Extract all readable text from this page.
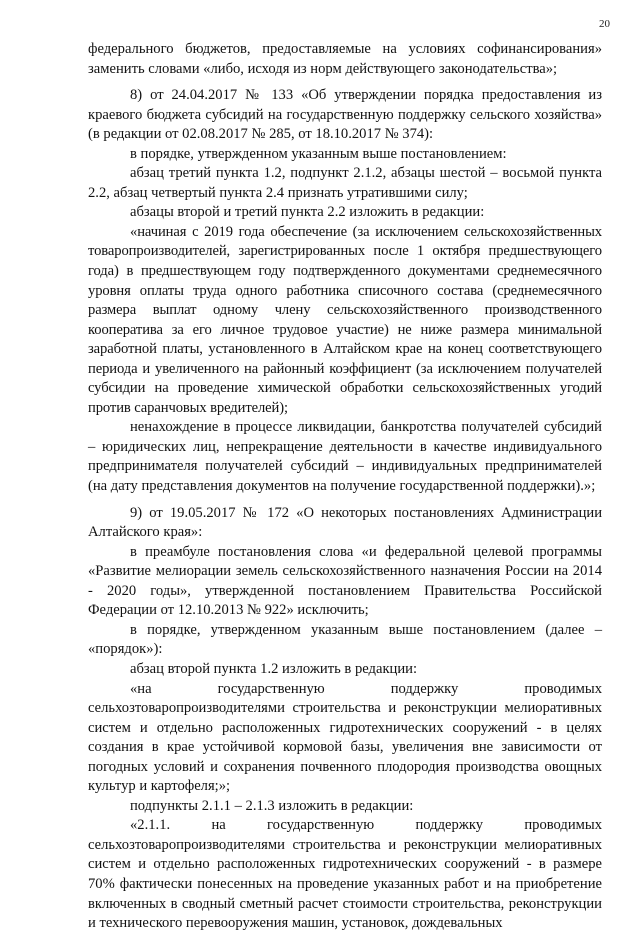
20

федерального бюджетов, предоставляемые на условиях софинансирования» заменить словами «либо, исходя из норм действующего законодательства»;

8) от 24.04.2017 № 133 «Об утверждении порядка предоставления из краевого бюджета субсидий на государственную поддержку сельского хозяйства» (в редакции от 02.08.2017 № 285, от 18.10.2017 № 374):

в порядке, утвержденном указанным выше постановлением:

абзац третий пункта 1.2, подпункт 2.1.2, абзацы шестой – восьмой пункта 2.2, абзац четвертый пункта 2.4 признать утратившими силу;

абзацы второй и третий пункта 2.2 изложить в редакции:

«начиная с 2019 года обеспечение (за исключением сельскохозяйственных товаропроизводителей, зарегистрированных после 1 октября предшествующего года) в предшествующем году подтвержденного документами среднемесячного уровня оплаты труда одного работника списочного состава (среднемесячного размера выплат одному члену сельскохозяйственного производственного кооператива за его личное трудовое участие) не ниже размера минимальной заработной платы, установленного в Алтайском крае на конец соответствующего периода и увеличенного на районный коэффициент (за исключением получателей субсидии на проведение химической обработки сельскохозяйственных угодий против саранчовых вредителей);

ненахождение в процессе ликвидации, банкротства получателей субсидий – юридических лиц, непрекращение деятельности в качестве индивидуального предпринимателя получателей субсидий – индивидуальных предпринимателей (на дату представления документов на получение государственной поддержки).»;

9) от 19.05.2017 № 172 «О некоторых постановлениях Администрации Алтайского края»:

в преамбуле постановления слова «и федеральной целевой программы «Развитие мелиорации земель сельскохозяйственного назначения России на 2014 - 2020 годы», утвержденной постановлением Правительства Российской Федерации от 12.10.2013 № 922» исключить;

в порядке, утвержденном указанным выше постановлением (далее – «порядок»):

абзац второй пункта 1.2 изложить в редакции:

«на государственную поддержку проводимых сельхозтоваропроизводителями строительства и реконструкции мелиоративных систем и отдельно расположенных гидротехнических сооружений - в целях создания в крае устойчивой кормовой базы, увеличения вне зависимости от погодных условий и сохранения почвенного плодородия производства овощных культур и картофеля;»;

подпункты 2.1.1 – 2.1.3 изложить в редакции:

«2.1.1. на государственную поддержку проводимых сельхозтоваропроизводителями строительства и реконструкции мелиоративных систем и отдельно расположенных гидротехнических сооружений - в размере 70% фактически понесенных на проведение указанных работ и на приобретение включенных в сводный сметный расчет стоимости строительства, реконструкции и технического перевооружения машин, установок, дождевальных
